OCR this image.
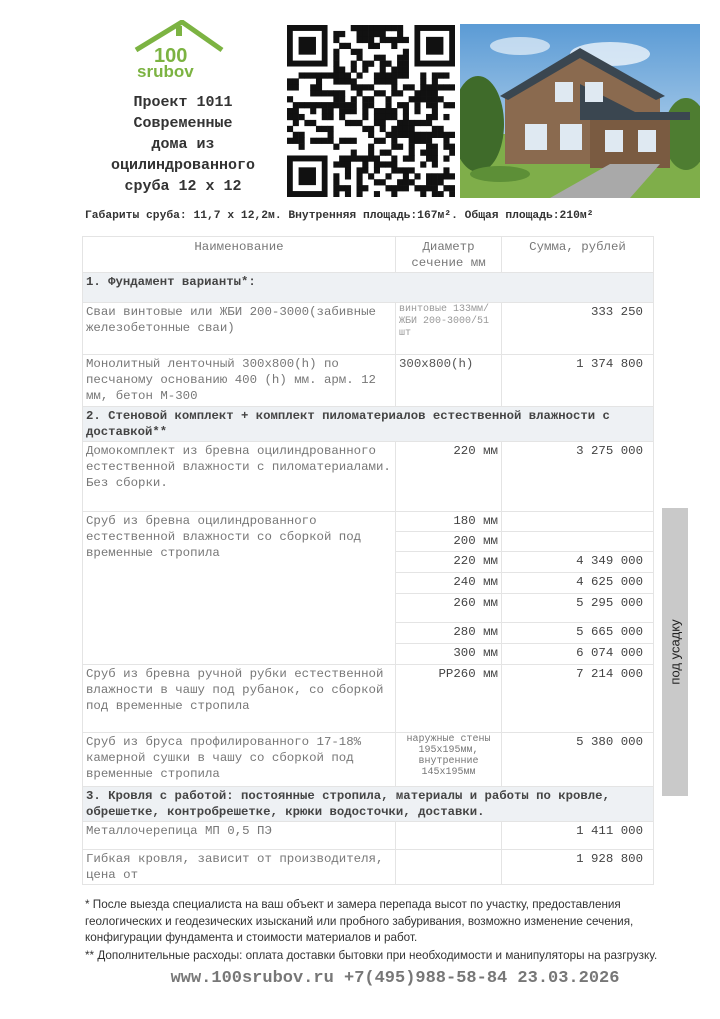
100
srubov
Проект 1011
Современные
дома из
оцилиндрованного
сруба 12 x 12
Габариты сруба: 11,7 х 12,2м. Внутренняя площадь:167м². Общая площадь:210м²
Наименование	Диаметр сечение мм	Сумма, рублей
1. Фундамент варианты*:		
Сваи винтовые или ЖБИ 200-3000(забивные железобетонные сваи)	винтовые 133мм/ЖБИ 200-3000/51 шт	333 250
Монолитный ленточный 300x800(h) по песчаному основанию 400 (h) мм. арм. 12 мм, бетон М-300	300x800(h)	1 374 800
2. Стеновой комплект + комплект пиломатериалов естественной влажности с доставкой**		
Домокомплект из бревна оцилиндрованного естественной влажности с пиломатериалами. Без сборки.	220 мм	3 275 000
Сруб из бревна оцилиндрованного естественной влажности со сборкой под временные стропила	180 мм	
	200 мм	
	220 мм	4 349 000
	240 мм	4 625 000
	260 мм	5 295 000
	280 мм	5 665 000
	300 мм	6 074 000
Сруб из бревна ручной рубки естественной влажности в чашу под рубанок, со сборкой под временные стропила	РР260 мм	7 214 000
Сруб из бруса профилированного 17-18% камерной сушки в чашу со сборкой под временные стропила	наружные стены 195х195мм, внутренние 145х195мм	5 380 000
3. Кровля с работой: постоянные стропила, материалы и работы по кровле, обрешетке, контробрешетке, крюки водосточки, доставки.		
Металлочерепица МП 0,5 ПЭ		1 411 000
Гибкая кровля, зависит от производителя, цена от		1 928 800
под усадку
* После выезда специалиста на ваш объект и замера перепада высот по участку, предоставления геологических и геодезических изысканий или пробного забуривания, возможно изменение сечения, конфигурации фундамента и стоимости материалов и работ.
** Дополнительные расходы: оплата доставки бытовки при необходимости и манипуляторы на разгрузку.
www.100srubov.ru +7(495)988-58-84 23.03.2026
